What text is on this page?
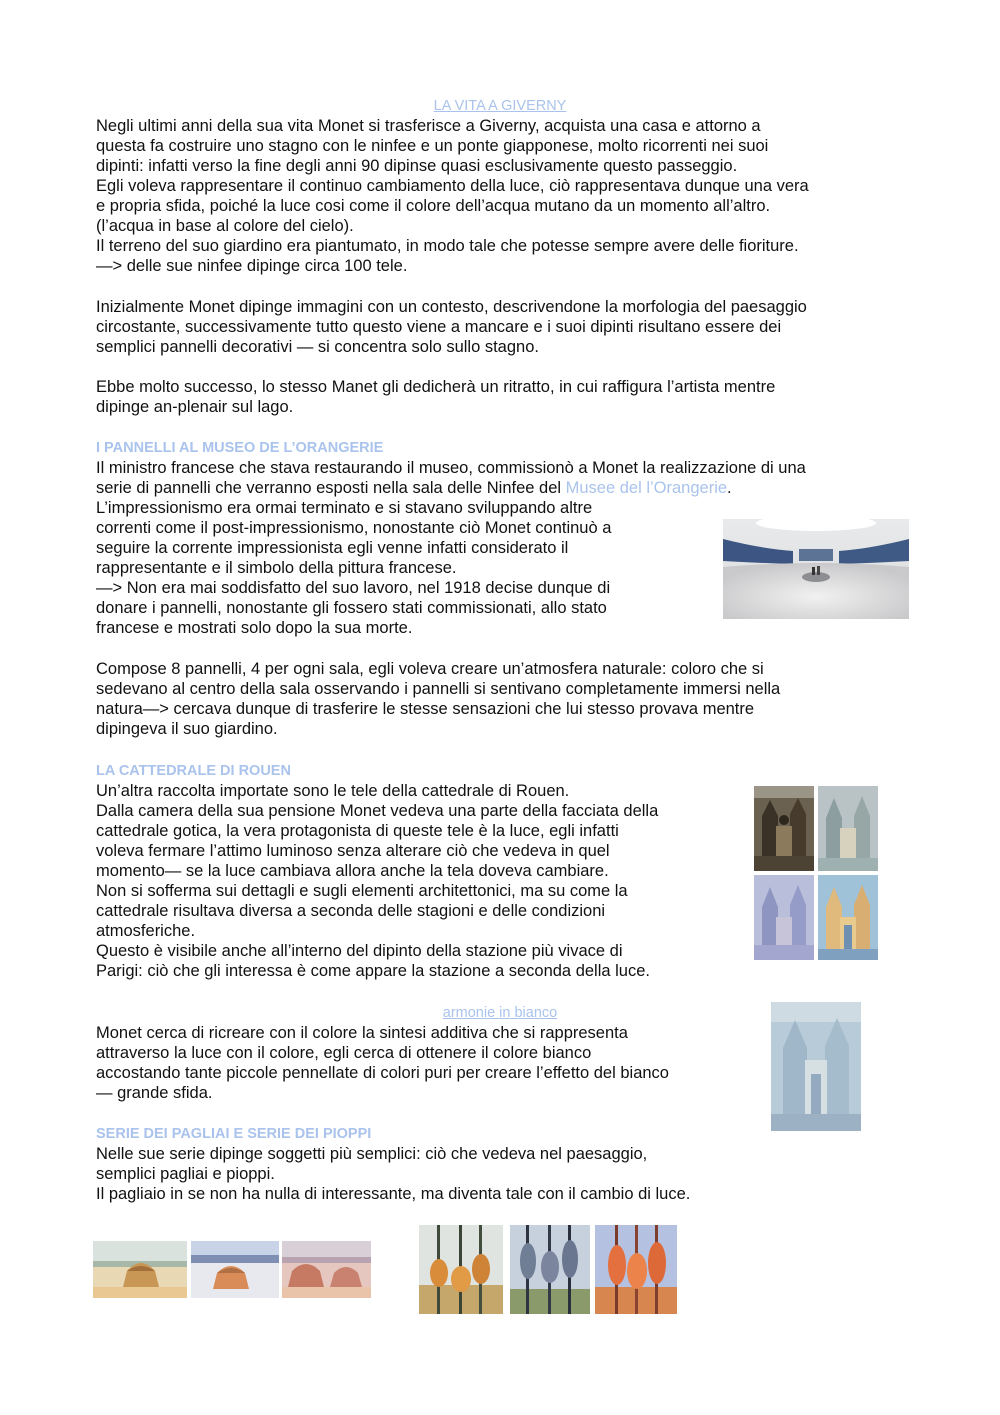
LA VITA A GIVERNY
Negli ultimi anni della sua vita Monet si trasferisce a Giverny, acquista una casa e attorno a
questa fa costruire uno stagno con le ninfee e un ponte giapponese, molto ricorrenti nei suoi
dipinti: infatti verso la fine degli anni 90 dipinse quasi esclusivamente questo passeggio.
Egli voleva rappresentare il continuo cambiamento della luce, ciò rappresentava dunque una vera
e propria sfida, poiché la luce cosi come il colore dell’acqua mutano da un momento all’altro.
(l’acqua in base al colore del cielo).
Il terreno del suo giardino era piantumato, in modo tale che potesse sempre avere delle fioriture.
—> delle sue ninfee dipinge circa 100 tele.
Inizialmente Monet dipinge immagini con un contesto, descrivendone la morfologia del paesaggio
circostante, successivamente tutto questo viene a mancare e i suoi dipinti risultano essere dei
semplici pannelli decorativi — si concentra solo sullo stagno.
Ebbe molto successo, lo stesso Manet gli dedicherà un ritratto, in cui raffigura l’artista mentre
dipinge an-plenair sul lago.
I PANNELLI AL MUSEO DE L’ORANGERIE
Il ministro francese che stava restaurando il museo, commissionò a Monet la realizzazione di una
serie di pannelli che verranno esposti nella sala delle Ninfee del Musee del l’Orangerie.
L’impressionismo era ormai terminato e si stavano sviluppando altre
correnti come il post-impressionismo, nonostante ciò Monet continuò a
seguire la corrente impressionista egli venne infatti considerato il
rappresentante e il simbolo della pittura francese.
—> Non era mai soddisfatto del suo lavoro, nel 1918 decise dunque di
donare i pannelli, nonostante gli fossero stati commissionati, allo stato
francese e mostrati solo dopo la sua morte.
Compose 8 pannelli, 4 per ogni sala, egli voleva creare un’atmosfera naturale: coloro che si
sedevano al centro della sala osservando i pannelli si sentivano completamente immersi nella
natura—> cercava dunque di trasferire le stesse sensazioni che lui stesso provava mentre
dipingeva il suo giardino.
LA CATTEDRALE DI ROUEN
Un’altra raccolta importate sono le tele della cattedrale di Rouen.
Dalla camera della sua pensione Monet vedeva una parte della facciata della
cattedrale gotica, la vera protagonista di queste tele è la luce, egli infatti
voleva fermare l’attimo luminoso senza alterare ciò che vedeva in quel
momento— se la luce cambiava allora anche la tela doveva cambiare.
Non si sofferma sui dettagli e sugli elementi architettonici, ma su come la
cattedrale risultava diversa a seconda delle stagioni e delle condizioni
atmosferiche.
Questo è visibile anche all’interno del dipinto della stazione più vivace di
Parigi: ciò che gli interessa è come appare la stazione a seconda della luce.
armonie in bianco
Monet cerca di ricreare con il colore la sintesi additiva che si rappresenta
attraverso la luce con il colore, egli cerca di ottenere il colore bianco
accostando tante piccole pennellate di colori puri per creare l’effetto del bianco
— grande sfida.
SERIE DEI PAGLIAI E SERIE DEI PIOPPI
Nelle sue serie dipinge soggetti più semplici: ciò che vedeva nel paesaggio,
semplici pagliai e pioppi.
Il pagliaio in se non ha nulla di interessante, ma diventa tale con il cambio di luce.
